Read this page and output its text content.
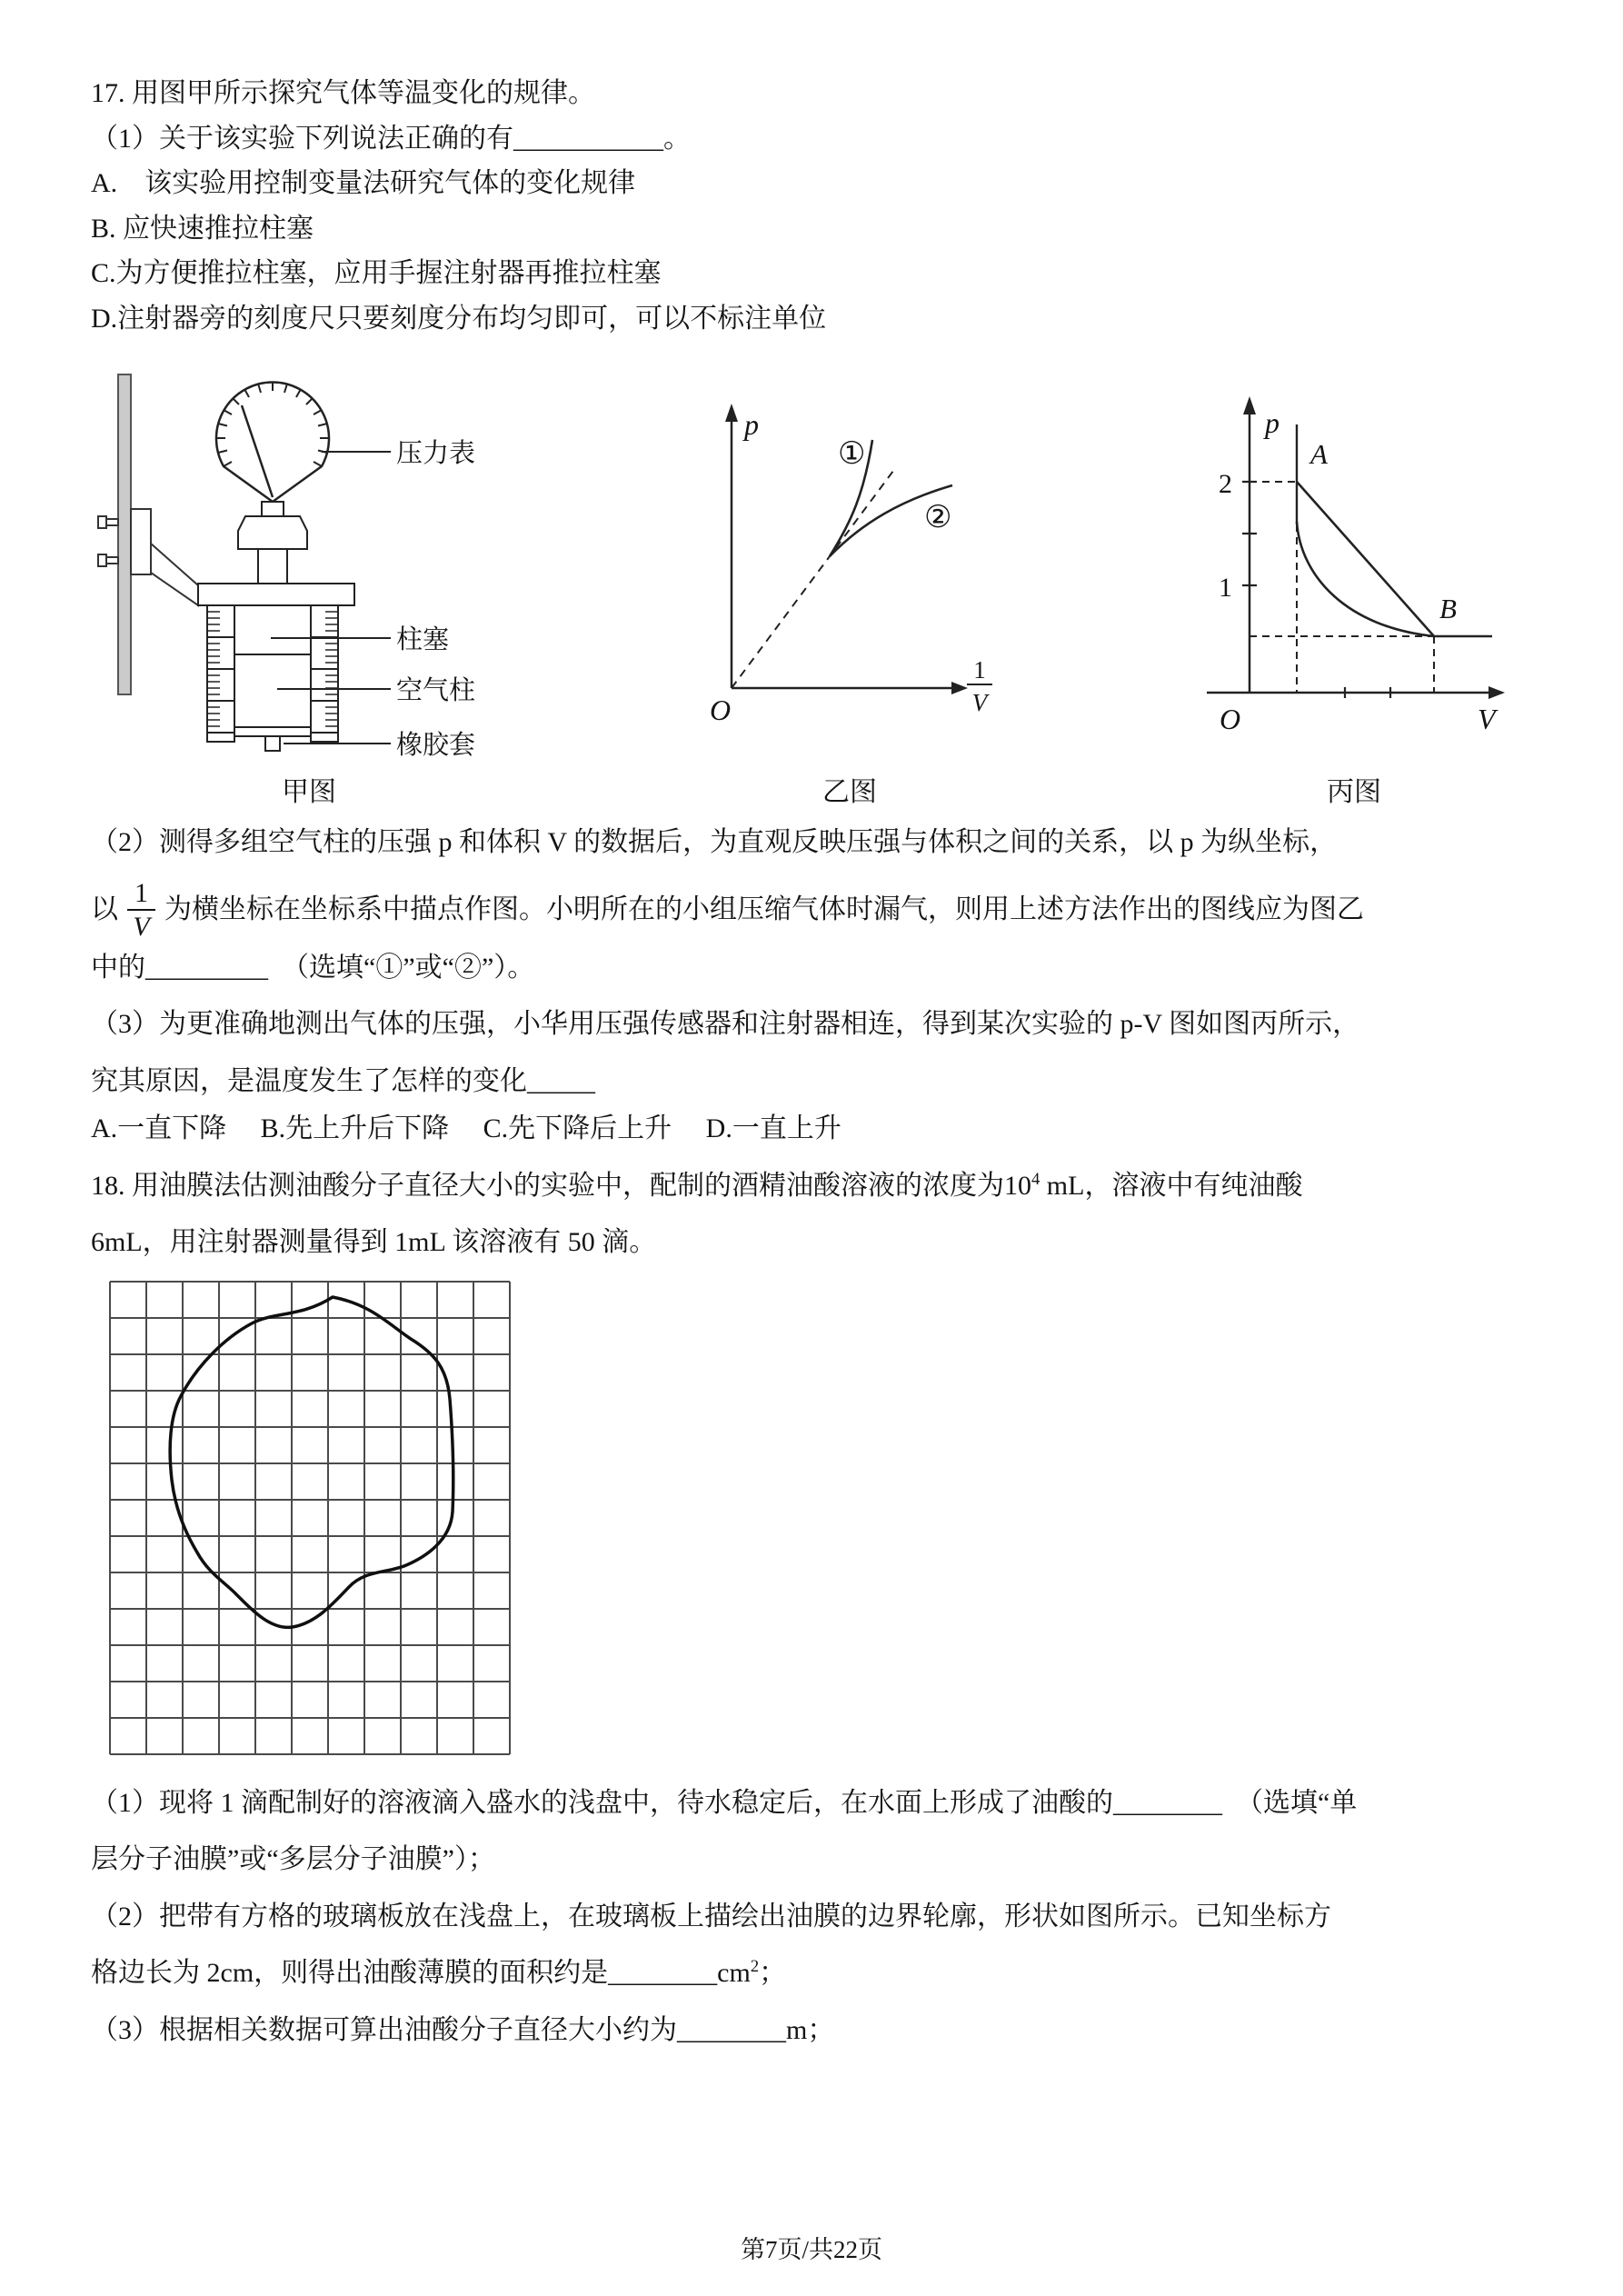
17. 用图甲所示探究气体等温变化的规律。

（1）关于该实验下列说法正确的有___________。

A.　该实验用控制变量法研究气体的变化规律

B. 应快速推拉柱塞

C.为方便推拉柱塞，应用手握注射器再推拉柱塞

D.注射器旁的刻度尺只要刻度分布均匀即可，可以不标注单位

压力表
柱塞
空气柱
橡胶套
甲图
p
O
1
V
①
②
乙图
p
V
O
2
1
A
B
丙图

（2）测得多组空气柱的压强 p 和体积 V 的数据后，为直观反映压强与体积之间的关系，以 p 为纵坐标，

以 $\frac{1}{V}$ 为横坐标在坐标系中描点作图。小明所在的小组压缩气体时漏气，则用上述方法作出的图线应为图乙

中的_________　（选填“①”或“②”）。

（3）为更准确地测出气体的压强，小华用压强传感器和注射器相连，得到某次实验的 p-V 图如图丙所示，

究其原因，是温度发生了怎样的变化_____

A.一直下降　 B.先上升后下降　 C.先下降后上升　 D.一直上升

18. 用油膜法估测油酸分子直径大小的实验中，配制的酒精油酸溶液的浓度为$10^4$ mL，溶液中有纯油酸

6mL，用注射器测量得到 1mL 该溶液有 50 滴。

（1）现将 1 滴配制好的溶液滴入盛水的浅盘中，待水稳定后，在水面上形成了油酸的________　（选填“单

层分子油膜”或“多层分子油膜”）；

（2）把带有方格的玻璃板放在浅盘上，在玻璃板上描绘出油膜的边界轮廓，形状如图所示。已知坐标方

格边长为 2cm，则得出油酸薄膜的面积约是$\_\_\_\_\_\_\_\_cm^2$；

（3）根据相关数据可算出油酸分子直径大小约为________m；

第7页/共22页
